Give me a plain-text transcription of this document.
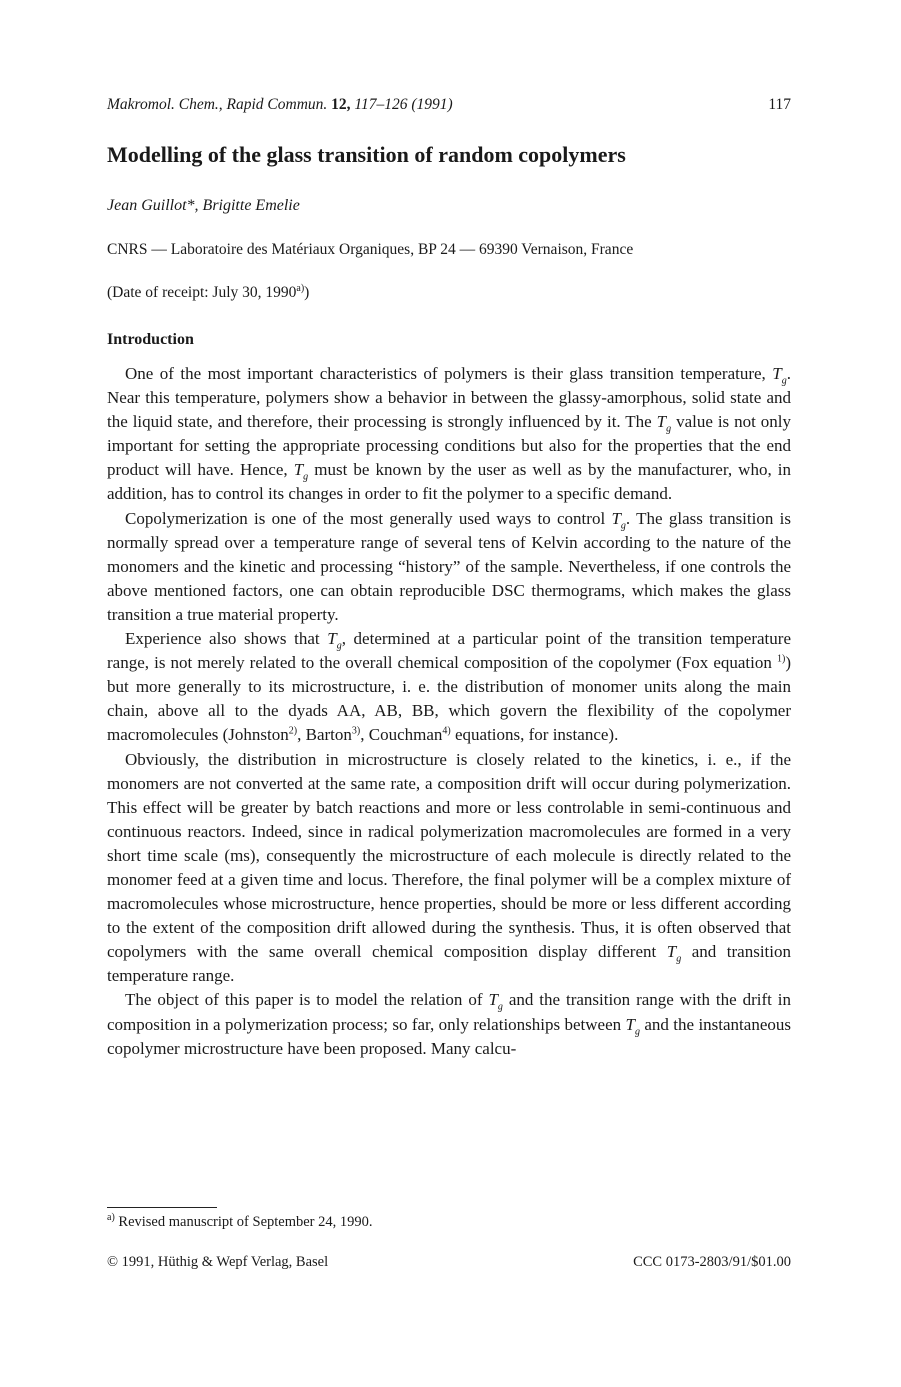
Makromol. Chem., Rapid Commun. 12, 117–126 (1991)	117
Modelling of the glass transition of random copolymers
Jean Guillot*, Brigitte Emelie
CNRS — Laboratoire des Matériaux Organiques, BP 24 — 69390 Vernaison, France
(Date of receipt: July 30, 1990$^{a)}$)
Introduction

One of the most important characteristics of polymers is their glass transition temperature, $T_g$. Near this temperature, polymers show a behavior in between the glassy-amorphous, solid state and the liquid state, and therefore, their processing is strongly influenced by it. The $T_g$ value is not only important for setting the appropriate processing conditions but also for the properties that the end product will have. Hence, $T_g$ must be known by the user as well as by the manufacturer, who, in addition, has to control its changes in order to fit the polymer to a specific demand.

Copolymerization is one of the most generally used ways to control $T_g$. The glass transition is normally spread over a temperature range of several tens of Kelvin according to the nature of the monomers and the kinetic and processing “history” of the sample. Nevertheless, if one controls the above mentioned factors, one can obtain reproducible DSC thermograms, which makes the glass transition a true material property.

Experience also shows that $T_g$, determined at a particular point of the transition temperature range, is not merely related to the overall chemical composition of the copolymer (Fox equation $^{1)}$) but more generally to its microstructure, i. e. the distribution of monomer units along the main chain, above all to the dyads AA, AB, BB, which govern the flexibility of the copolymer macromolecules (Johnston$^{2)}$, Barton$^{3)}$, Couchman$^{4)}$ equations, for instance).

Obviously, the distribution in microstructure is closely related to the kinetics, i. e., if the monomers are not converted at the same rate, a composition drift will occur during polymerization. This effect will be greater by batch reactions and more or less controlable in semi-continuous and continuous reactors. Indeed, since in radical polymerization macromolecules are formed in a very short time scale (ms), consequently the microstructure of each molecule is directly related to the monomer feed at a given time and locus. Therefore, the final polymer will be a complex mixture of macromolecules whose microstructure, hence properties, should be more or less different according to the extent of the composition drift allowed during the synthesis. Thus, it is often observed that copolymers with the same overall chemical composition display different $T_g$ and transition temperature range.

The object of this paper is to model the relation of $T_g$ and the transition range with the drift in composition in a polymerization process; so far, only relationships between $T_g$ and the instantaneous copolymer microstructure have been proposed. Many calcu-

$^{a)}$ Revised manuscript of September 24, 1990.
© 1991, Hüthig & Wepf Verlag, Basel	CCC 0173-2803/91/$01.00
